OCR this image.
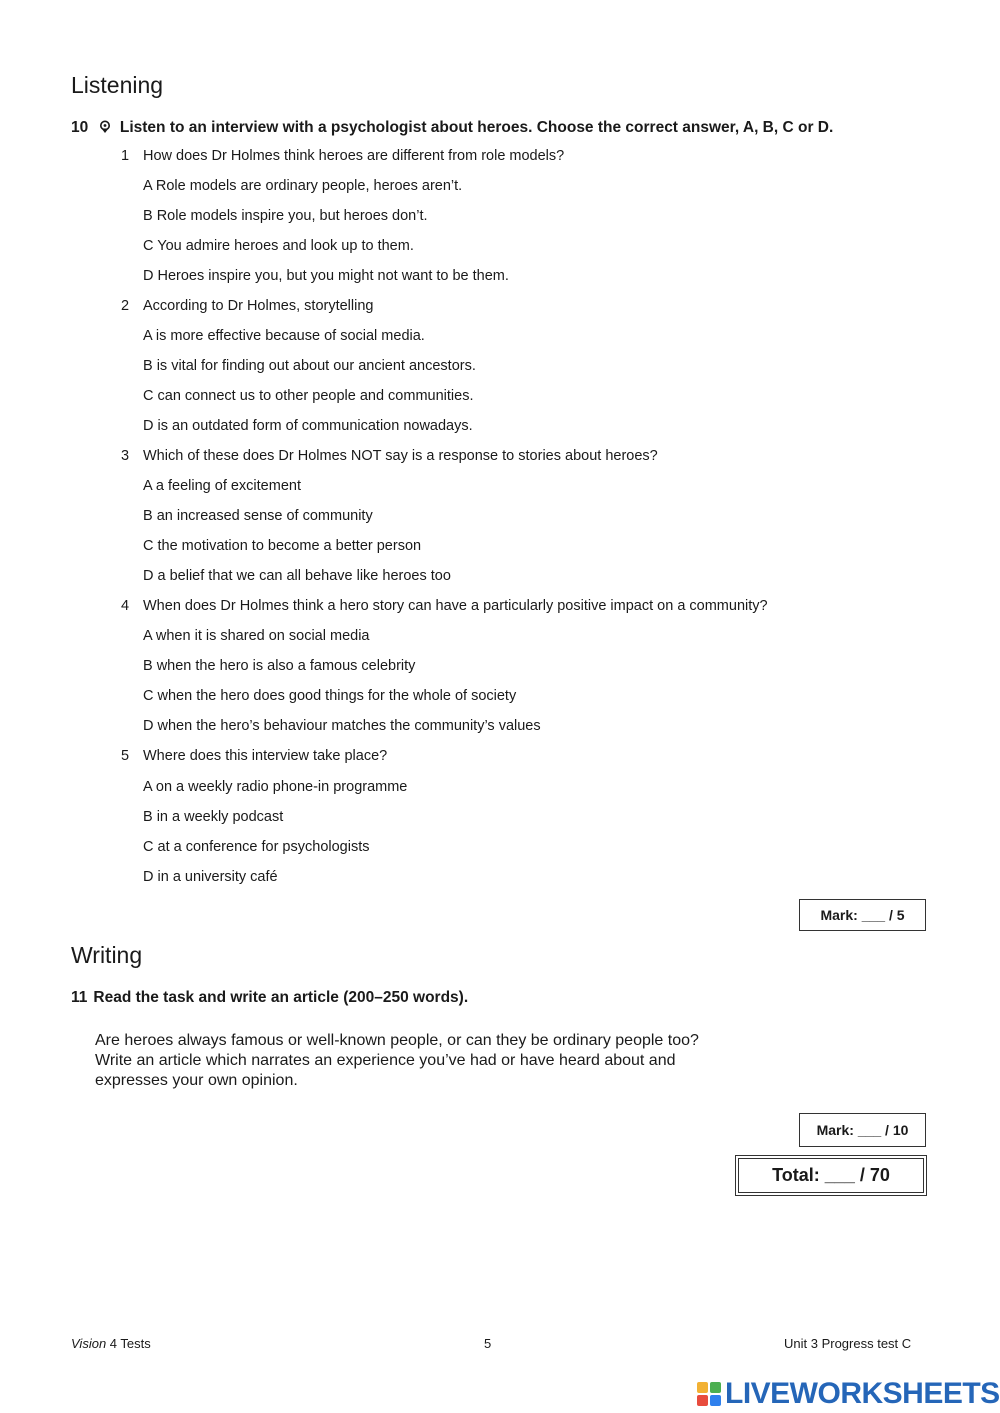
Listening
10 Listen to an interview with a psychologist about heroes. Choose the correct answer, A, B, C or D.
1 How does Dr Holmes think heroes are different from role models?
A Role models are ordinary people, heroes aren’t.
B Role models inspire you, but heroes don’t.
C You admire heroes and look up to them.
D Heroes inspire you, but you might not want to be them.
2 According to Dr Holmes, storytelling
A is more effective because of social media.
B is vital for finding out about our ancient ancestors.
C can connect us to other people and communities.
D is an outdated form of communication nowadays.
3 Which of these does Dr Holmes NOT say is a response to stories about heroes?
A a feeling of excitement
B an increased sense of community
C the motivation to become a better person
D a belief that we can all behave like heroes too
4 When does Dr Holmes think a hero story can have a particularly positive impact on a community?
A when it is shared on social media
B when the hero is also a famous celebrity
C when the hero does good things for the whole of society
D when the hero’s behaviour matches the community’s values
5 Where does this interview take place?
A on a weekly radio phone-in programme
B in a weekly podcast
C at a conference for psychologists
D in a university café
Mark: ___ / 5
Writing
11 Read the task and write an article (200–250 words).

Are heroes always famous or well-known people, or can they be ordinary people too?

Write an article which narrates an experience you’ve had or have heard about and

expresses your own opinion.

Mark: ___ / 10
Total: ___ / 70
Vision 4 Tests	5	Unit 3 Progress test C
LIVEWORKSHEETS
